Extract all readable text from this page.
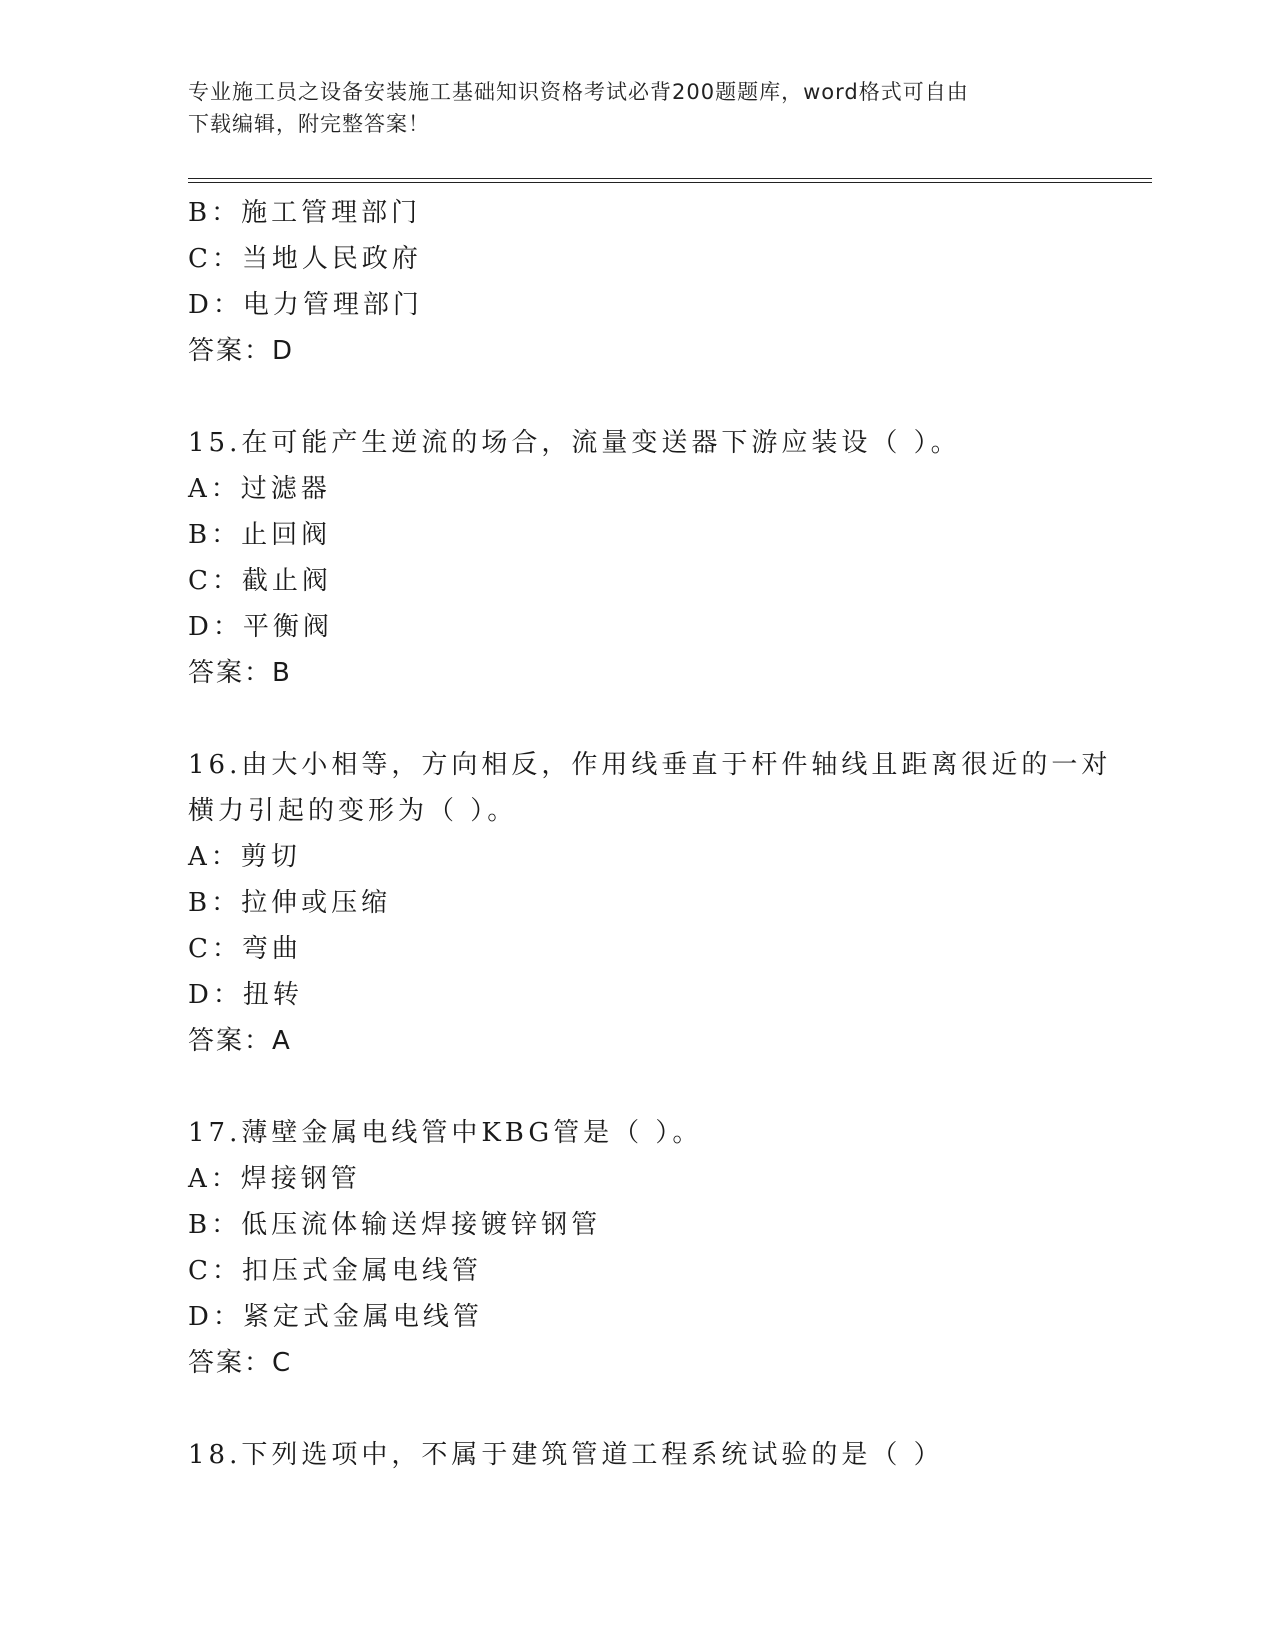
专业施工员之设备安装施工基础知识资格考试必背200题题库，word格式可自由
下载编辑，附完整答案！
B：施工管理部门
C：当地人民政府
D：电力管理部门
答案：D
15.在可能产生逆流的场合，流量变送器下游应装设（ ）。
A：过滤器
B：止回阀
C：截止阀
D：平衡阀
答案：B
16.由大小相等，方向相反，作用线垂直于杆件轴线且距离很近的一对
横力引起的变形为（ ）。
A：剪切
B：拉伸或压缩
C：弯曲
D：扭转
答案：A
17.薄壁金属电线管中KBG管是（ ）。
A：焊接钢管
B：低压流体输送焊接镀锌钢管
C：扣压式金属电线管
D：紧定式金属电线管
答案：C
18.下列选项中，不属于建筑管道工程系统试验的是（ ）
